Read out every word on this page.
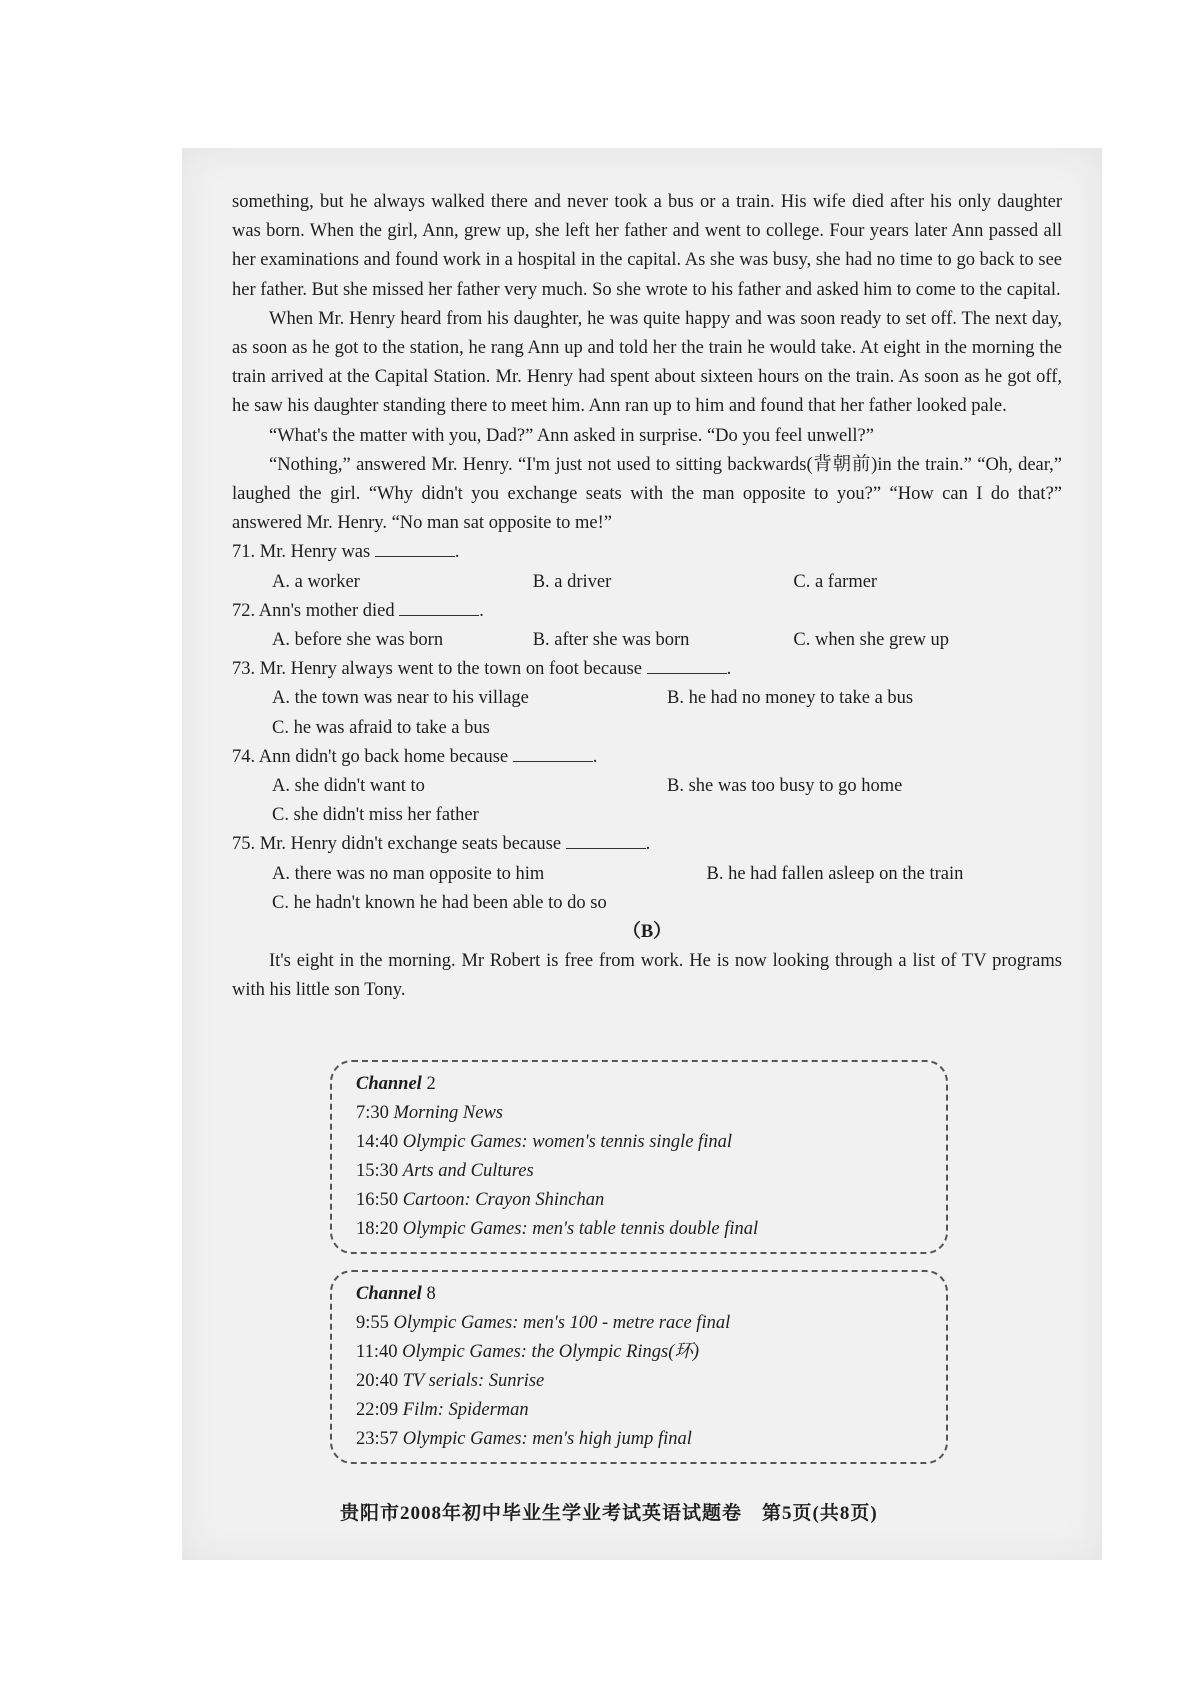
something, but he always walked there and never took a bus or a train. His wife died after his only daughter was born. When the girl, Ann, grew up, she left her father and went to college. Four years later Ann passed all her examinations and found work in a hospital in the capital. As she was busy, she had no time to go back to see her father. But she missed her father very much. So she wrote to his father and asked him to come to the capital.

When Mr. Henry heard from his daughter, he was quite happy and was soon ready to set off. The next day, as soon as he got to the station, he rang Ann up and told her the train he would take. At eight in the morning the train arrived at the Capital Station. Mr. Henry had spent about sixteen hours on the train. As soon as he got off, he saw his daughter standing there to meet him. Ann ran up to him and found that her father looked pale.

“What's the matter with you, Dad?” Ann asked in surprise. “Do you feel unwell?”

“Nothing,” answered Mr. Henry. “I'm just not used to sitting backwards(背朝前)in the train.” “Oh, dear,” laughed the girl. “Why didn't you exchange seats with the man opposite to you?” “How can I do that?” answered Mr. Henry. “No man sat opposite to me!”

71. Mr. Henry was	.
A. a worker	B. a driver	C. a farmer
72. Ann's mother died	.
A. before she was born	B. after she was born	C. when she grew up
73. Mr. Henry always went to the town on foot because	.
A. the town was near to his village	B. he had no money to take a bus
C. he was afraid to take a bus
74. Ann didn't go back home because	.
A. she didn't want to	B. she was too busy to go home
C. she didn't miss her father
75. Mr. Henry didn't exchange seats because	.
A. there was no man opposite to him	B. he had fallen asleep on the train
C. he hadn't known he had been able to do so

（B）

It's eight in the morning. Mr Robert is free from work. He is now looking through a list of TV programs with his little son Tony.

Channel 2
7:30 Morning News
14:40 Olympic Games: women's tennis single final
15:30 Arts and Cultures
16:50 Cartoon: Crayon Shinchan
18:20 Olympic Games: men's table tennis double final
Channel 8
9:55 Olympic Games: men's 100 - metre race final
11:40 Olympic Games: the Olympic Rings(环)
20:40 TV serials: Sunrise
22:09 Film: Spiderman
23:57 Olympic Games: men's high jump final
贵阳市2008年初中毕业生学业考试英语试题卷　第5页(共8页)
